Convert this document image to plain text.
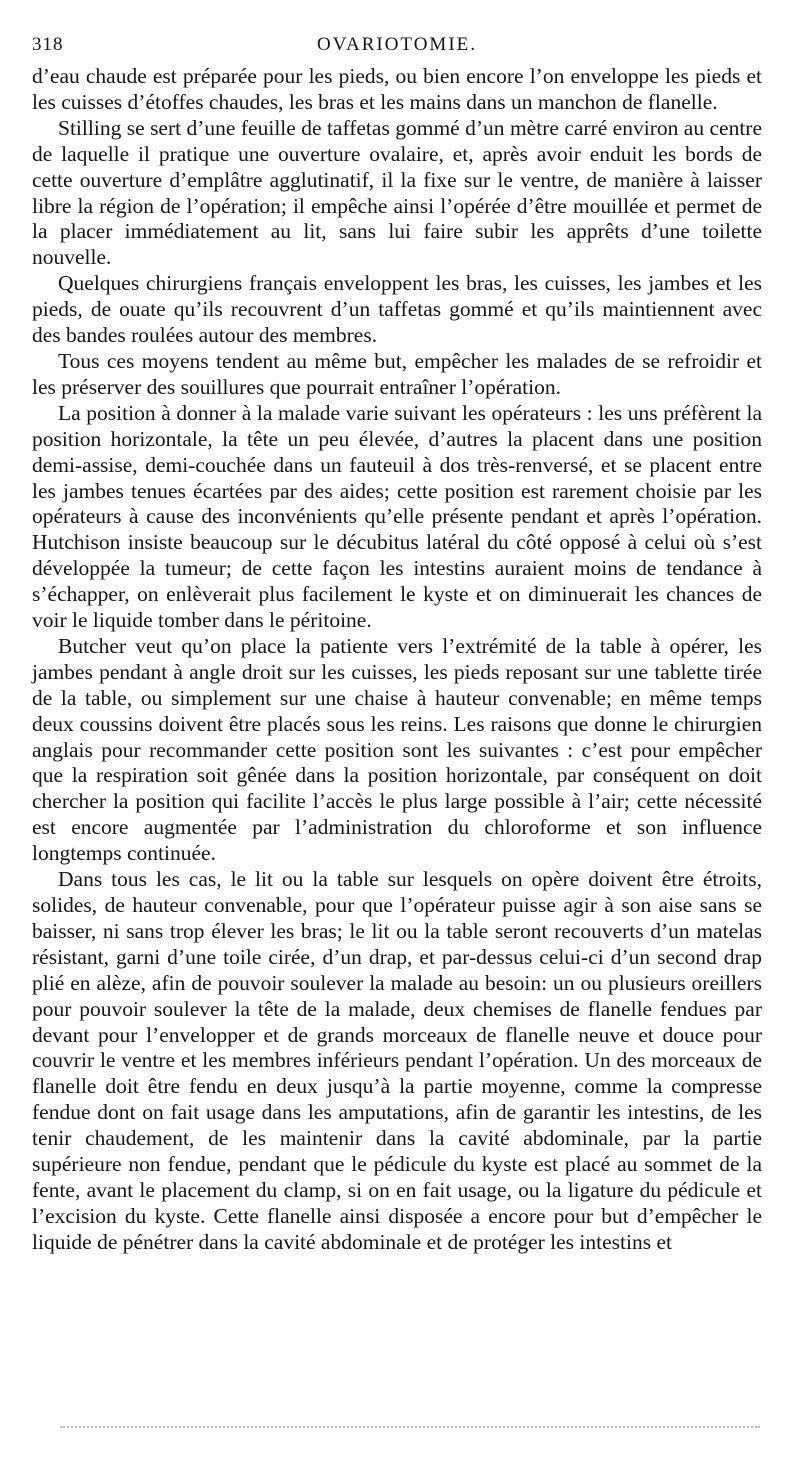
318	OVARIOTOMIE.

d’eau chaude est préparée pour les pieds, ou bien encore l’on enveloppe les pieds et les cuisses d’étoffes chaudes, les bras et les mains dans un manchon de flanelle.

Stilling se sert d’une feuille de taffetas gommé d’un mètre carré environ au centre de laquelle il pratique une ouverture ovalaire, et, après avoir enduit les bords de cette ouverture d’emplâtre agglutinatif, il la fixe sur le ventre, de manière à laisser libre la région de l’opération; il empêche ainsi l’opérée d’être mouillée et permet de la placer immédiatement au lit, sans lui faire subir les apprêts d’une toilette nouvelle.

Quelques chirurgiens français enveloppent les bras, les cuisses, les jambes et les pieds, de ouate qu’ils recouvrent d’un taffetas gommé et qu’ils maintiennent avec des bandes roulées autour des membres.

Tous ces moyens tendent au même but, empêcher les malades de se refroidir et les préserver des souillures que pourrait entraîner l’opération.

La position à donner à la malade varie suivant les opérateurs : les uns préfèrent la position horizontale, la tête un peu élevée, d’autres la placent dans une position demi-assise, demi-couchée dans un fauteuil à dos très-renversé, et se placent entre les jambes tenues écartées par des aides; cette position est rarement choisie par les opérateurs à cause des inconvénients qu’elle présente pendant et après l’opération. Hutchison insiste beaucoup sur le décubitus latéral du côté opposé à celui où s’est développée la tumeur; de cette façon les intestins auraient moins de tendance à s’échapper, on enlèverait plus facilement le kyste et on diminuerait les chances de voir le liquide tomber dans le péritoine.

Butcher veut qu’on place la patiente vers l’extrémité de la table à opérer, les jambes pendant à angle droit sur les cuisses, les pieds reposant sur une tablette tirée de la table, ou simplement sur une chaise à hauteur convenable; en même temps deux coussins doivent être placés sous les reins. Les raisons que donne le chirurgien anglais pour recommander cette position sont les suivantes : c’est pour empêcher que la respiration soit gênée dans la position horizontale, par conséquent on doit chercher la position qui facilite l’accès le plus large possible à l’air; cette nécessité est encore augmentée par l’administration du chloroforme et son influence longtemps continuée.

Dans tous les cas, le lit ou la table sur lesquels on opère doivent être étroits, solides, de hauteur convenable, pour que l’opérateur puisse agir à son aise sans se baisser, ni sans trop élever les bras; le lit ou la table seront recouverts d’un matelas résistant, garni d’une toile cirée, d’un drap, et par-dessus celui-ci d’un second drap plié en alèze, afin de pouvoir soulever la malade au besoin: un ou plusieurs oreillers pour pouvoir soulever la tête de la malade, deux chemises de flanelle fendues par devant pour l’envelopper et de grands morceaux de flanelle neuve et douce pour couvrir le ventre et les membres inférieurs pendant l’opération. Un des morceaux de flanelle doit être fendu en deux jusqu’à la partie moyenne, comme la compresse fendue dont on fait usage dans les amputations, afin de garantir les intestins, de les tenir chaudement, de les maintenir dans la cavité abdominale, par la partie supérieure non fendue, pendant que le pédicule du kyste est placé au sommet de la fente, avant le placement du clamp, si on en fait usage, ou la ligature du pédicule et l’excision du kyste. Cette flanelle ainsi disposée a encore pour but d’empêcher le liquide de pénétrer dans la cavité abdominale et de protéger les intestins et
